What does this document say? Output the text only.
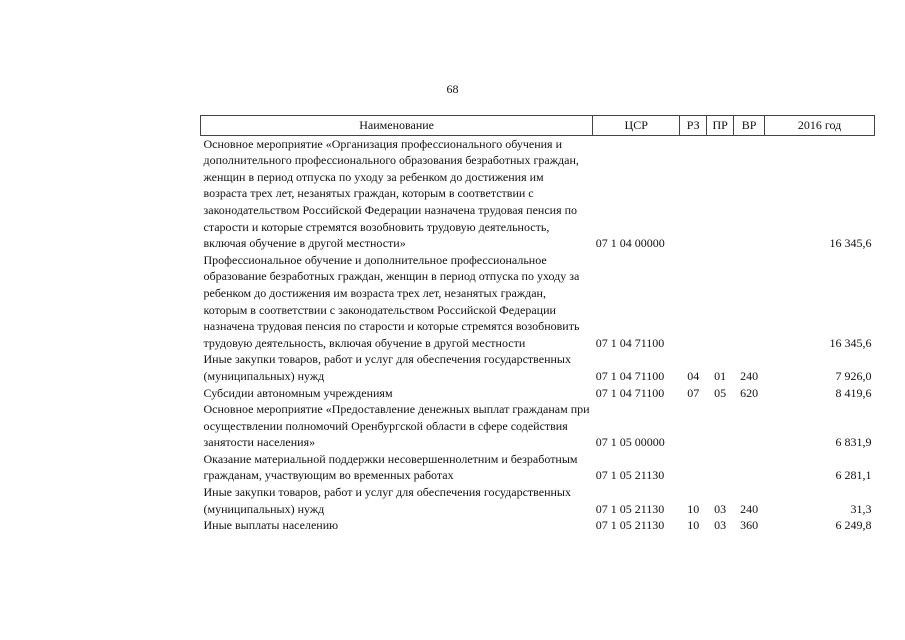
68
Наименование	ЦСР	РЗ	ПР	ВР	2016 год
Основное мероприятие «Организация профессионального обучения и дополнительного профессионального образования безработных граждан, женщин в период отпуска по уходу за ребенком до достижения им возраста трех лет, незанятых граждан, которым в соответствии с законодательством Российской Федерации назначена трудовая пенсия по старости и которые стремятся возобновить трудовую деятельность, включая обучение в другой местности»	07 1 04 00000				16 345,6
Профессиональное обучение и дополнительное профессиональное образование безработных граждан, женщин в период отпуска по уходу за ребенком до достижения им возраста трех лет, незанятых граждан, которым в соответствии с законодательством Российской Федерации назначена трудовая пенсия по старости и которые стремятся возобновить трудовую деятельность, включая обучение в другой местности	07 1 04 71100				16 345,6
Иные закупки товаров, работ и услуг для обеспечения государственных (муниципальных) нужд	07 1 04 71100	04	01	240	7 926,0
Субсидии автономным учреждениям	07 1 04 71100	07	05	620	8 419,6
Основное мероприятие «Предоставление денежных выплат гражданам при осуществлении полномочий Оренбургской области в сфере содействия занятости населения»	07 1 05 00000				6 831,9
Оказание материальной поддержки несовершеннолетним и безработным гражданам, участвующим во временных работах	07 1 05 21130				6 281,1
Иные закупки товаров, работ и услуг для обеспечения государственных (муниципальных) нужд	07 1 05 21130	10	03	240	31,3
Иные выплаты населению	07 1 05 21130	10	03	360	6 249,8
